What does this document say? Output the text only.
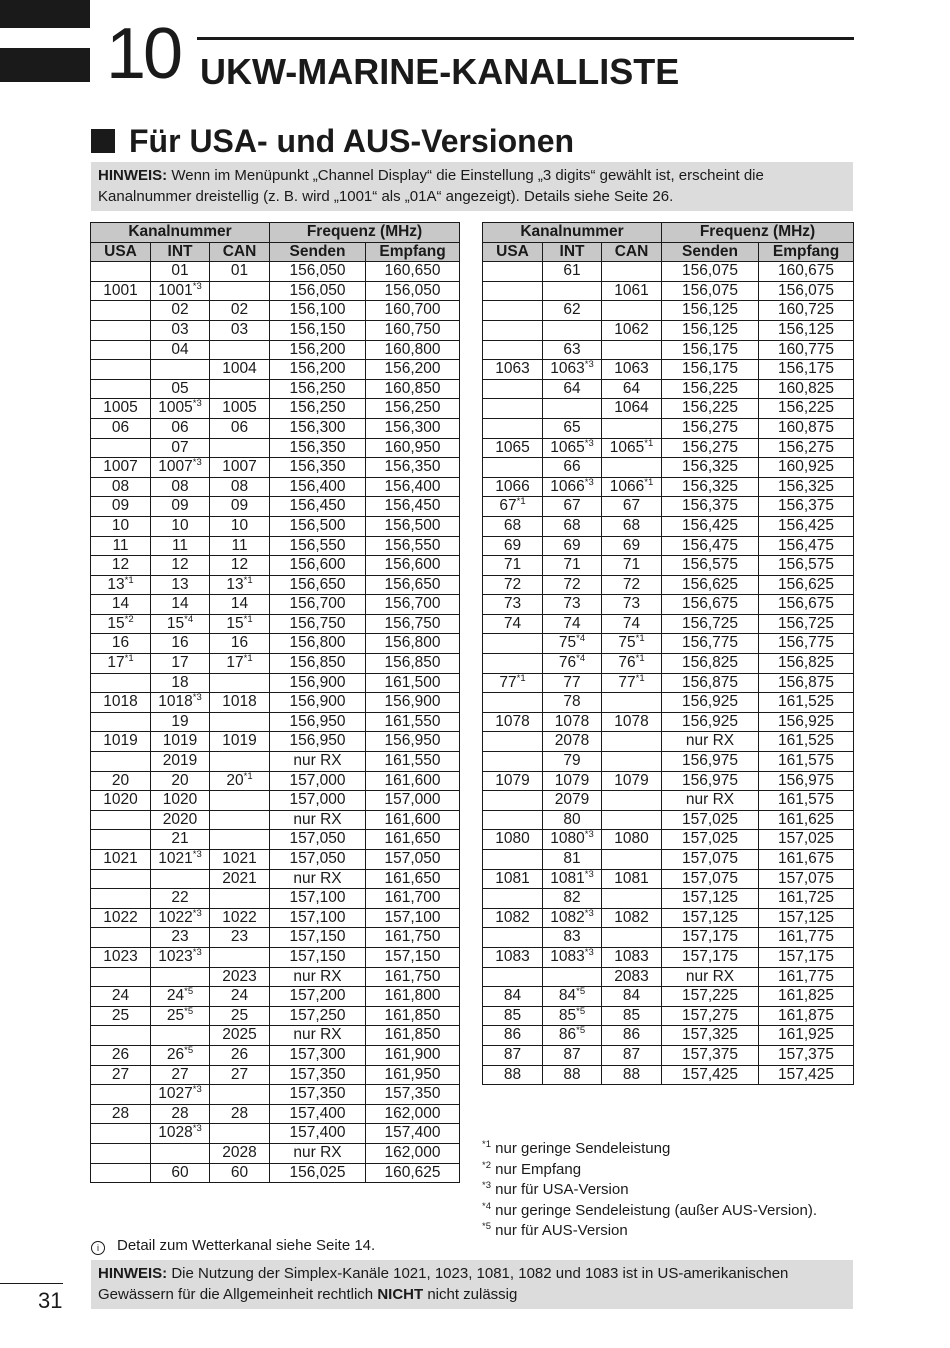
10 UKW-MARINE-KANALLISTE
Für USA- und AUS-Versionen
HINWEIS: Wenn im Menüpunkt „Channel Display“ die Einstellung „3 digits“ gewählt ist, erscheint die Kanalnummer dreistellig (z. B. wird „1001“ als „01A“ angezeigt). Details siehe Seite 26.
Kanalnummer			Frequenz (MHz)	
USA	INT	CAN	Senden	Empfang
	01	01	156,050	160,650
1001	1001$^{*3}$		156,050	156,050
	02	02	156,100	160,700
	03	03	156,150	160,750
	04		156,200	160,800
		1004	156,200	156,200
	05		156,250	160,850
1005	1005$^{*3}$	1005	156,250	156,250
06	06	06	156,300	156,300
	07		156,350	160,950
1007	1007$^{*3}$	1007	156,350	156,350
08	08	08	156,400	156,400
09	09	09	156,450	156,450
10	10	10	156,500	156,500
11	11	11	156,550	156,550
12	12	12	156,600	156,600
13$^{*1}$	13	13$^{*1}$	156,650	156,650
14	14	14	156,700	156,700
15$^{*2}$	15$^{*4}$	15$^{*1}$	156,750	156,750
16	16	16	156,800	156,800
17$^{*1}$	17	17$^{*1}$	156,850	156,850
	18		156,900	161,500
1018	1018$^{*3}$	1018	156,900	156,900
	19		156,950	161,550
1019	1019	1019	156,950	156,950
	2019		nur RX	161,550
20	20	20$^{*1}$	157,000	161,600
1020	1020		157,000	157,000
	2020		nur RX	161,600
	21		157,050	161,650
1021	1021$^{*3}$	1021	157,050	157,050
		2021	nur RX	161,650
	22		157,100	161,700
1022	1022$^{*3}$	1022	157,100	157,100
	23	23	157,150	161,750
1023	1023$^{*3}$		157,150	157,150
		2023	nur RX	161,750
24	24$^{*5}$	24	157,200	161,800
25	25$^{*5}$	25	157,250	161,850
		2025	nur RX	161,850
26	26$^{*5}$	26	157,300	161,900
27	27	27	157,350	161,950
	1027$^{*3}$		157,350	157,350
28	28	28	157,400	162,000
	1028$^{*3}$		157,400	157,400
		2028	nur RX	162,000
	60	60	156,025	160,625
Kanalnummer			Frequenz (MHz)	
USA	INT	CAN	Senden	Empfang
	61		156,075	160,675
		1061	156,075	156,075
	62		156,125	160,725
		1062	156,125	156,125
	63		156,175	160,775
1063	1063$^{*3}$	1063	156,175	156,175
	64	64	156,225	160,825
		1064	156,225	156,225
	65		156,275	160,875
1065	1065$^{*3}$	1065$^{*1}$	156,275	156,275
	66		156,325	160,925
1066	1066$^{*3}$	1066$^{*1}$	156,325	156,325
67$^{*1}$	67	67	156,375	156,375
68	68	68	156,425	156,425
69	69	69	156,475	156,475
71	71	71	156,575	156,575
72	72	72	156,625	156,625
73	73	73	156,675	156,675
74	74	74	156,725	156,725
	75$^{*4}$	75$^{*1}$	156,775	156,775
	76$^{*4}$	76$^{*1}$	156,825	156,825
77$^{*1}$	77	77$^{*1}$	156,875	156,875
	78		156,925	161,525
1078	1078	1078	156,925	156,925
	2078		nur RX	161,525
	79		156,975	161,575
1079	1079	1079	156,975	156,975
	2079		nur RX	161,575
	80		157,025	161,625
1080	1080$^{*3}$	1080	157,025	157,025
	81		157,075	161,675
1081	1081$^{*3}$	1081	157,075	157,075
	82		157,125	161,725
1082	1082$^{*3}$	1082	157,125	157,125
	83		157,175	161,775
1083	1083$^{*3}$	1083	157,175	157,175
		2083	nur RX	161,775
84	84$^{*5}$	84	157,225	161,825
85	85$^{*5}$	85	157,275	161,875
86	86$^{*5}$	86	157,325	161,925
87	87	87	157,375	157,375
88	88	88	157,425	157,425
$^{*1}$ nur geringe Sendeleistung
$^{*2}$ nur Empfang
$^{*3}$ nur für USA-Version
$^{*4}$ nur geringe Sendeleistung (außer AUS-Version).
$^{*5}$ nur für AUS-Version
i Detail zum Wetterkanal siehe Seite 14.
HINWEIS: Die Nutzung der Simplex-Kanäle 1021, 1023, 1081, 1082 und 1083 ist in US-amerikanischen Gewässern für die Allgemeinheit rechtlich NICHT nicht zulässig
31
